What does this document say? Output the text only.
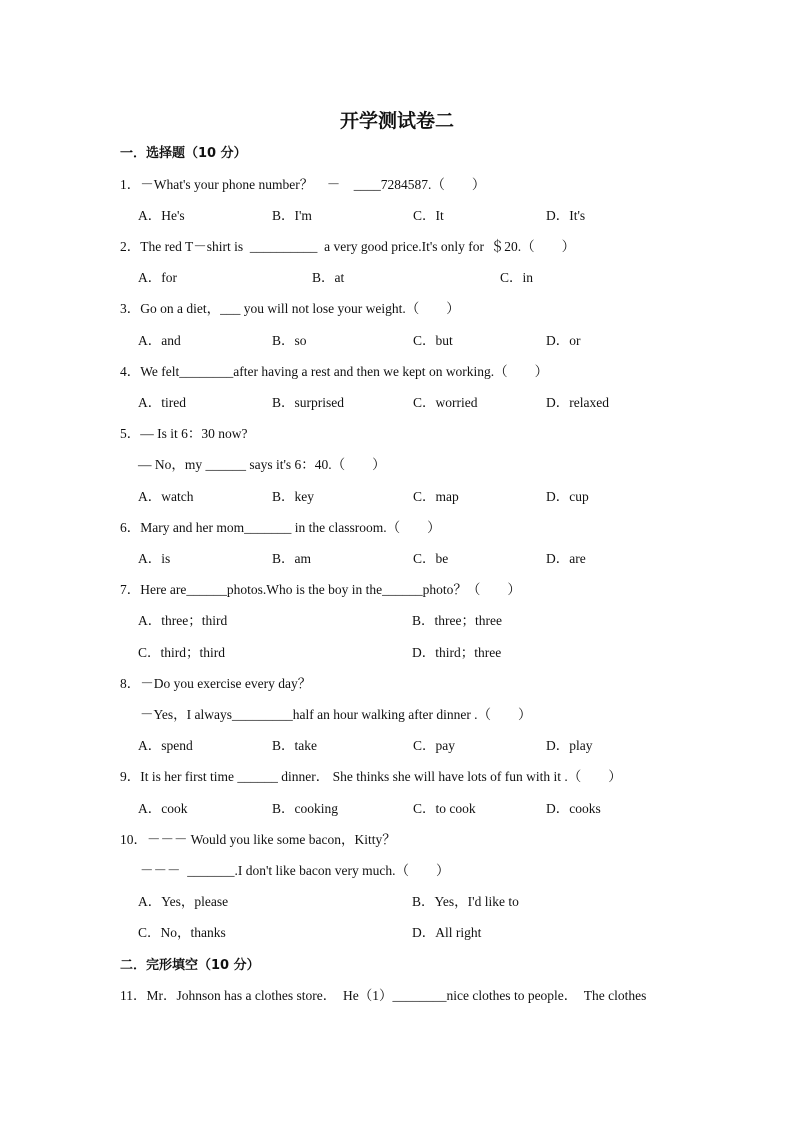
开学测试卷二
一．选择题（10 分）
1．－What's your phone number？　－　____7284587.（　　）
A．He's	B．I'm	C．It	D．It's
2．The red T－shirt is  __________  a very good price.It's only for  ＄20.（　　）
A．for	B．at	C．in
3．Go on a diet，___ you will not lose your weight.（　　）
A．and	B．so	C．but	D．or
4．We felt________after having a rest and then we kept on working.（　　）
A．tired	B．surprised	C．worried	D．relaxed
5．— Is it 6：30 now?
— No，my ______ says it's 6：40.（　　）
A．watch	B．key	C．map	D．cup
6．Mary and her mom_______ in the classroom.（　　）
A．is	B．am	C．be	D．are
7．Here are______photos.Who is the boy in the______photo？（　　）
A．three；third	B．three；three
C．third；third	D．third；three
8．－Do you exercise every day？
－Yes，I always_________half an hour walking after dinner .（　　）
A．spend	B．take	C．pay	D．play
9．It is her first time ______ dinner． She thinks she will have lots of fun with it .（　　）
A．cook	B．cooking	C．to cook	D．cooks
10．－－－ Would you like some bacon，Kitty？
－－－  _______.I don't like bacon very much.（　　）
A．Yes，please	B．Yes，I'd like to
C．No，thanks	D．All right
二．完形填空（10 分）
11．Mr．Johnson has a clothes store．  He（1）________nice clothes to people．  The clothes
